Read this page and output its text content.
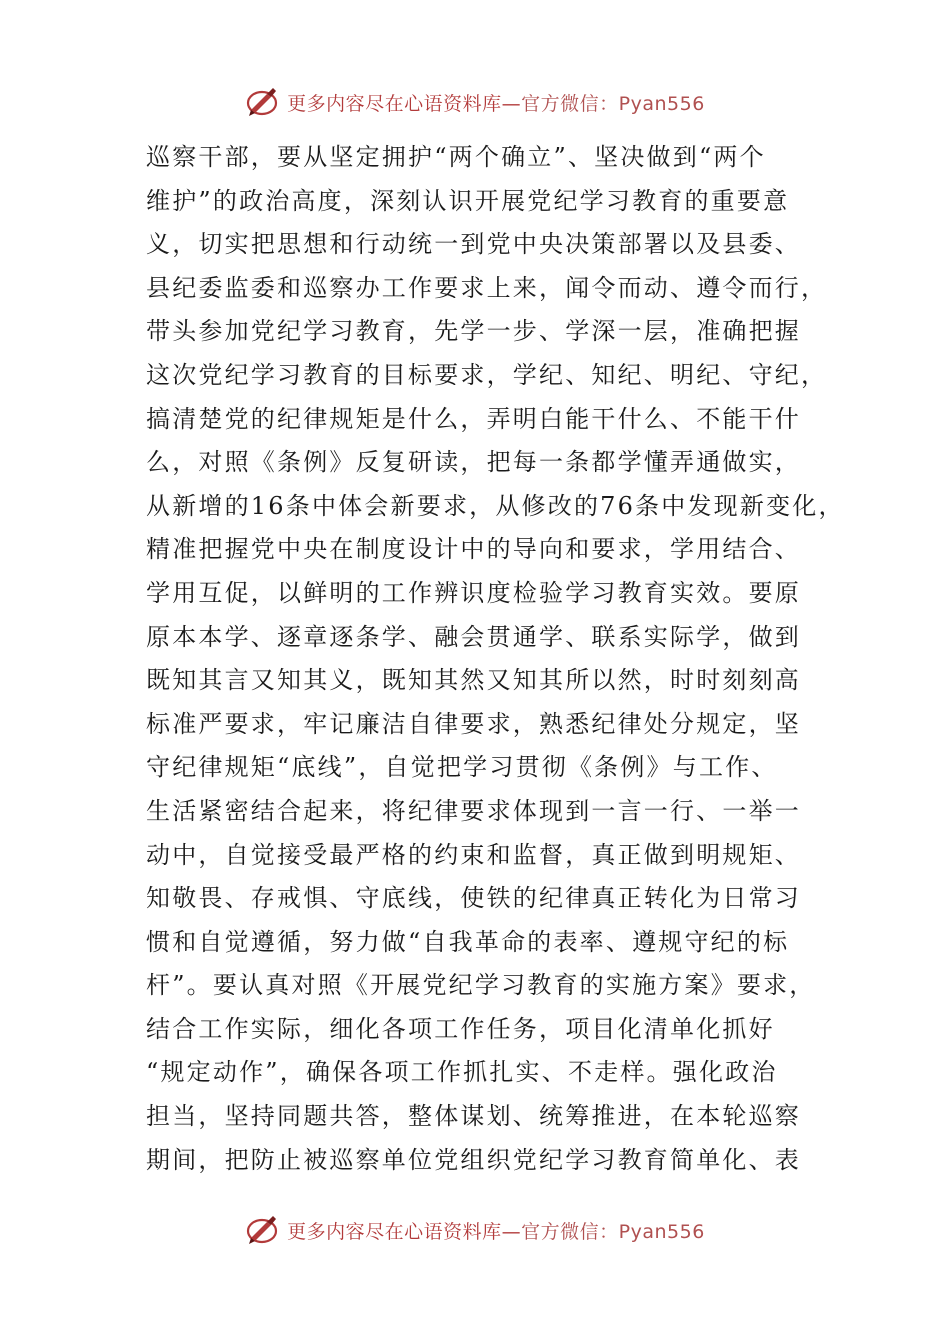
更多内容尽在心语资料库—官方微信：Pyan556
巡察干部，要从坚定拥护“两个确立”、坚决做到“两个
维护”的政治高度，深刻认识开展党纪学习教育的重要意
义，切实把思想和行动统一到党中央决策部署以及县委、
县纪委监委和巡察办工作要求上来，闻令而动、遵令而行，
带头参加党纪学习教育，先学一步、学深一层，准确把握
这次党纪学习教育的目标要求，学纪、知纪、明纪、守纪，
搞清楚党的纪律规矩是什么，弄明白能干什么、不能干什
么，对照《条例》反复研读，把每一条都学懂弄通做实，
从新增的16条中体会新要求，从修改的76条中发现新变化，
精准把握党中央在制度设计中的导向和要求，学用结合、
学用互促，以鲜明的工作辨识度检验学习教育实效。要原
原本本学、逐章逐条学、融会贯通学、联系实际学，做到
既知其言又知其义，既知其然又知其所以然，时时刻刻高
标准严要求，牢记廉洁自律要求，熟悉纪律处分规定，坚
守纪律规矩“底线”，自觉把学习贯彻《条例》与工作、
生活紧密结合起来，将纪律要求体现到一言一行、一举一
动中，自觉接受最严格的约束和监督，真正做到明规矩、
知敬畏、存戒惧、守底线，使铁的纪律真正转化为日常习
惯和自觉遵循，努力做“自我革命的表率、遵规守纪的标
杆”。要认真对照《开展党纪学习教育的实施方案》要求，
结合工作实际，细化各项工作任务，项目化清单化抓好
“规定动作”，确保各项工作抓扎实、不走样。强化政治
担当，坚持同题共答，整体谋划、统筹推进，在本轮巡察
期间，把防止被巡察单位党组织党纪学习教育简单化、表
更多内容尽在心语资料库—官方微信：Pyan556
